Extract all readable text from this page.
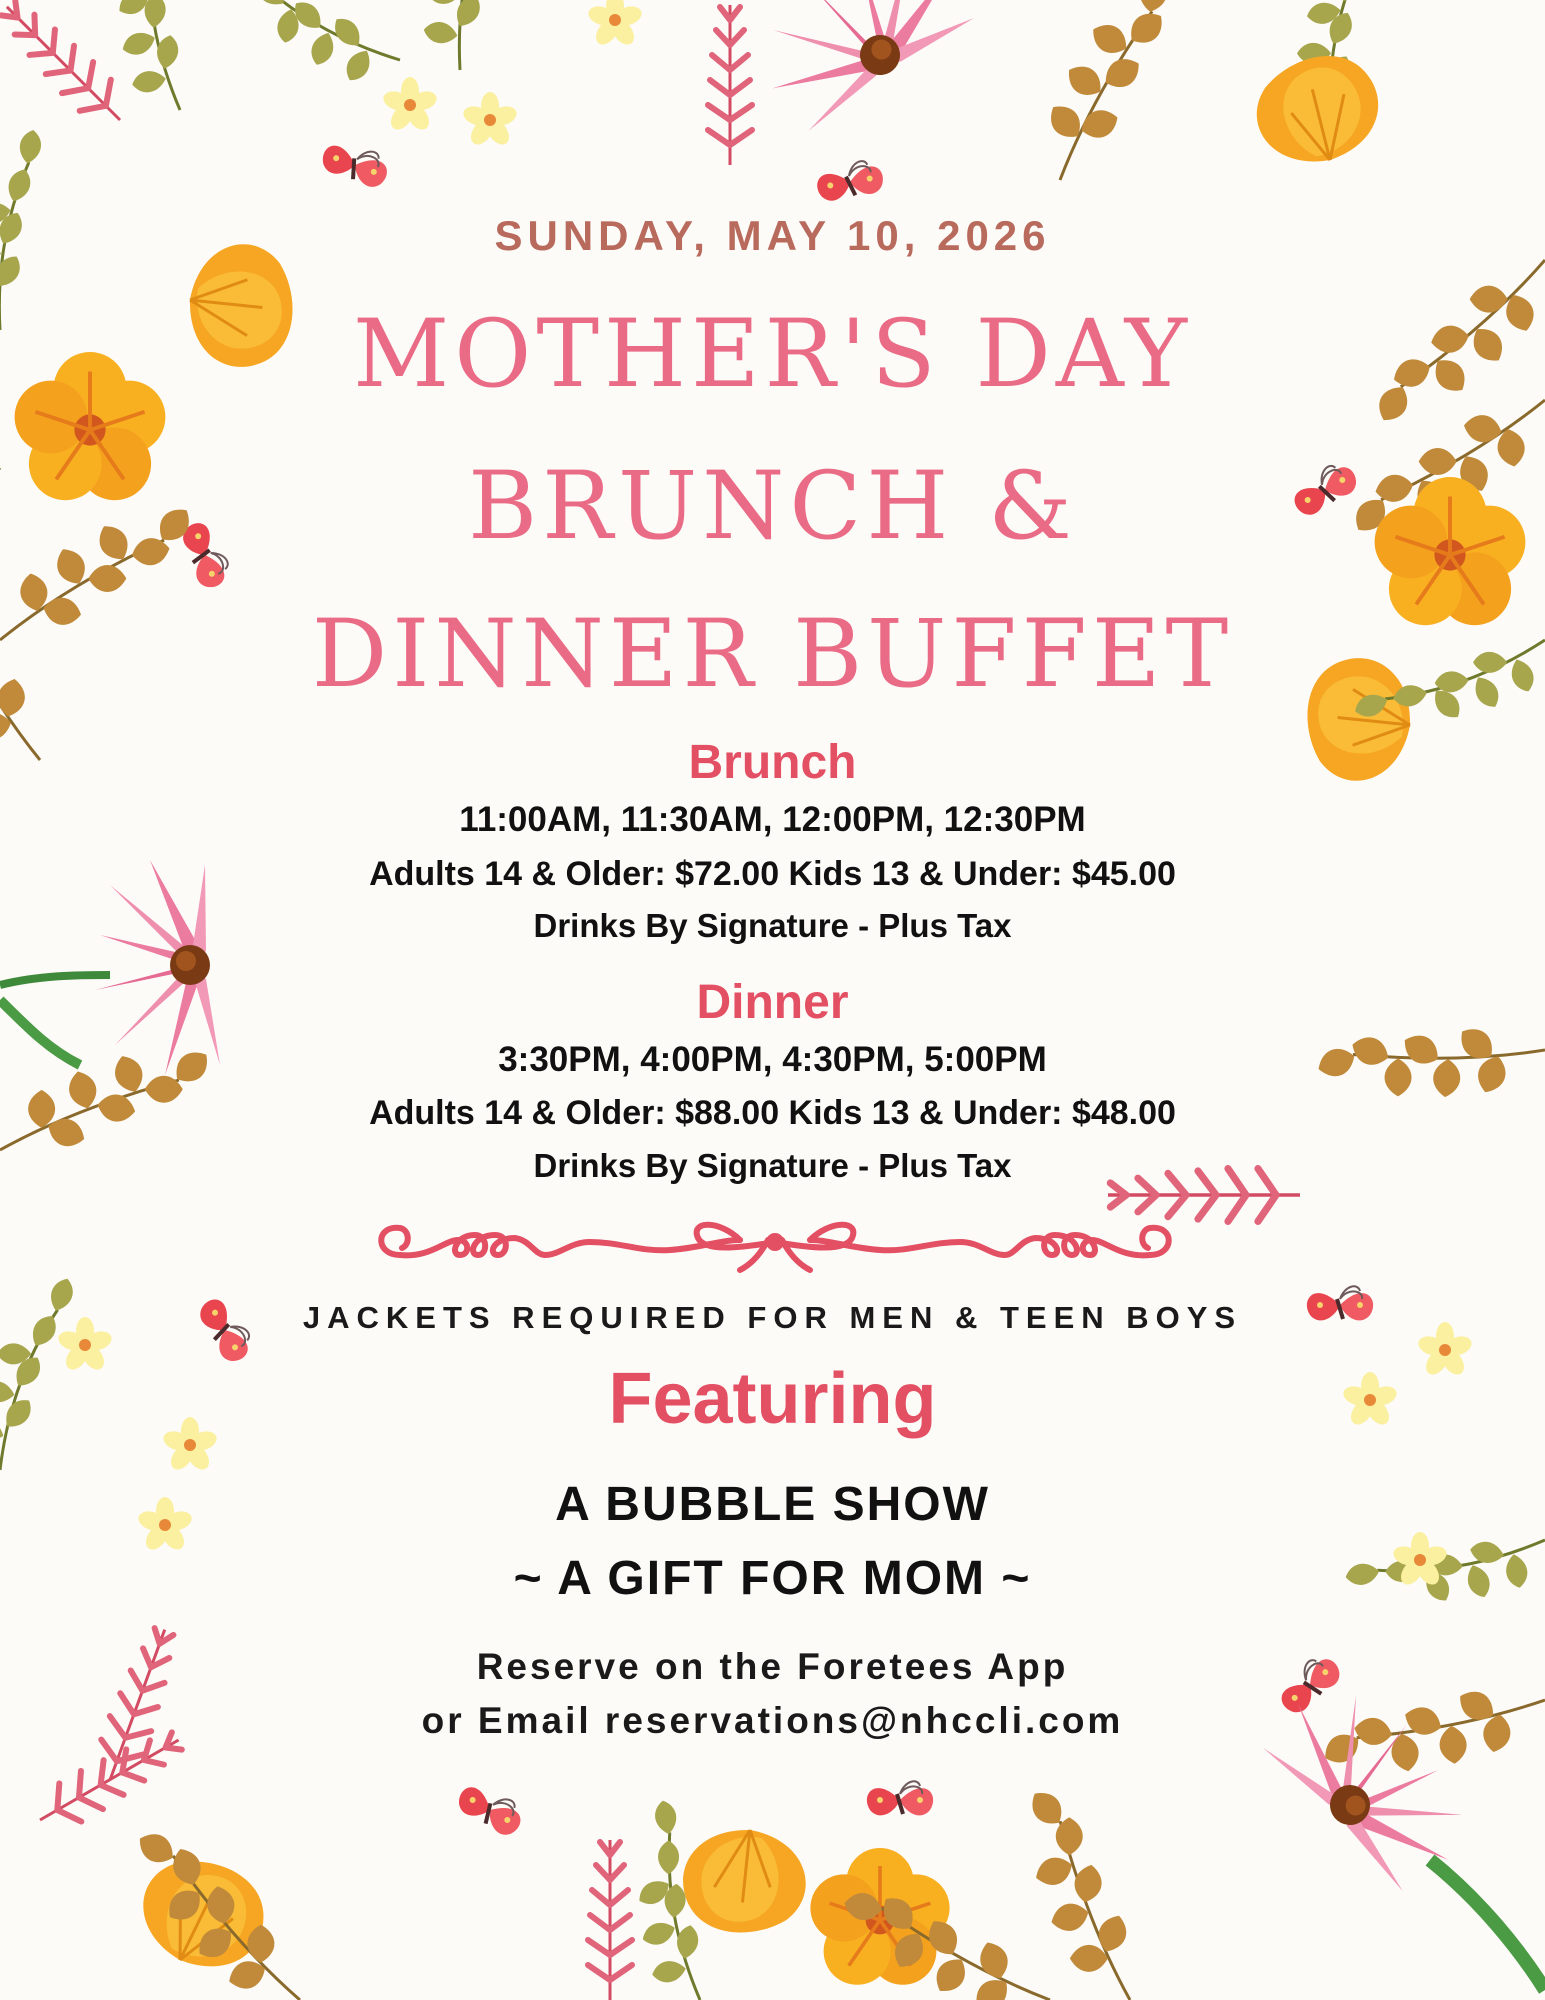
SUNDAY, MAY 10, 2026
MOTHER'S DAY
BRUNCH &
DINNER BUFFET
Brunch
11:00AM, 11:30AM, 12:00PM, 12:30PM
Adults 14 & Older: $72.00 Kids 13 & Under: $45.00
Drinks By Signature - Plus Tax
Dinner
3:30PM, 4:00PM, 4:30PM, 5:00PM
Adults 14 & Older: $88.00 Kids 13 & Under: $48.00
Drinks By Signature - Plus Tax
JACKETS REQUIRED FOR MEN & TEEN BOYS
Featuring
A BUBBLE SHOW
~ A GIFT FOR MOM ~
Reserve on the Foretees App
or Email reservations@nhccli.com
